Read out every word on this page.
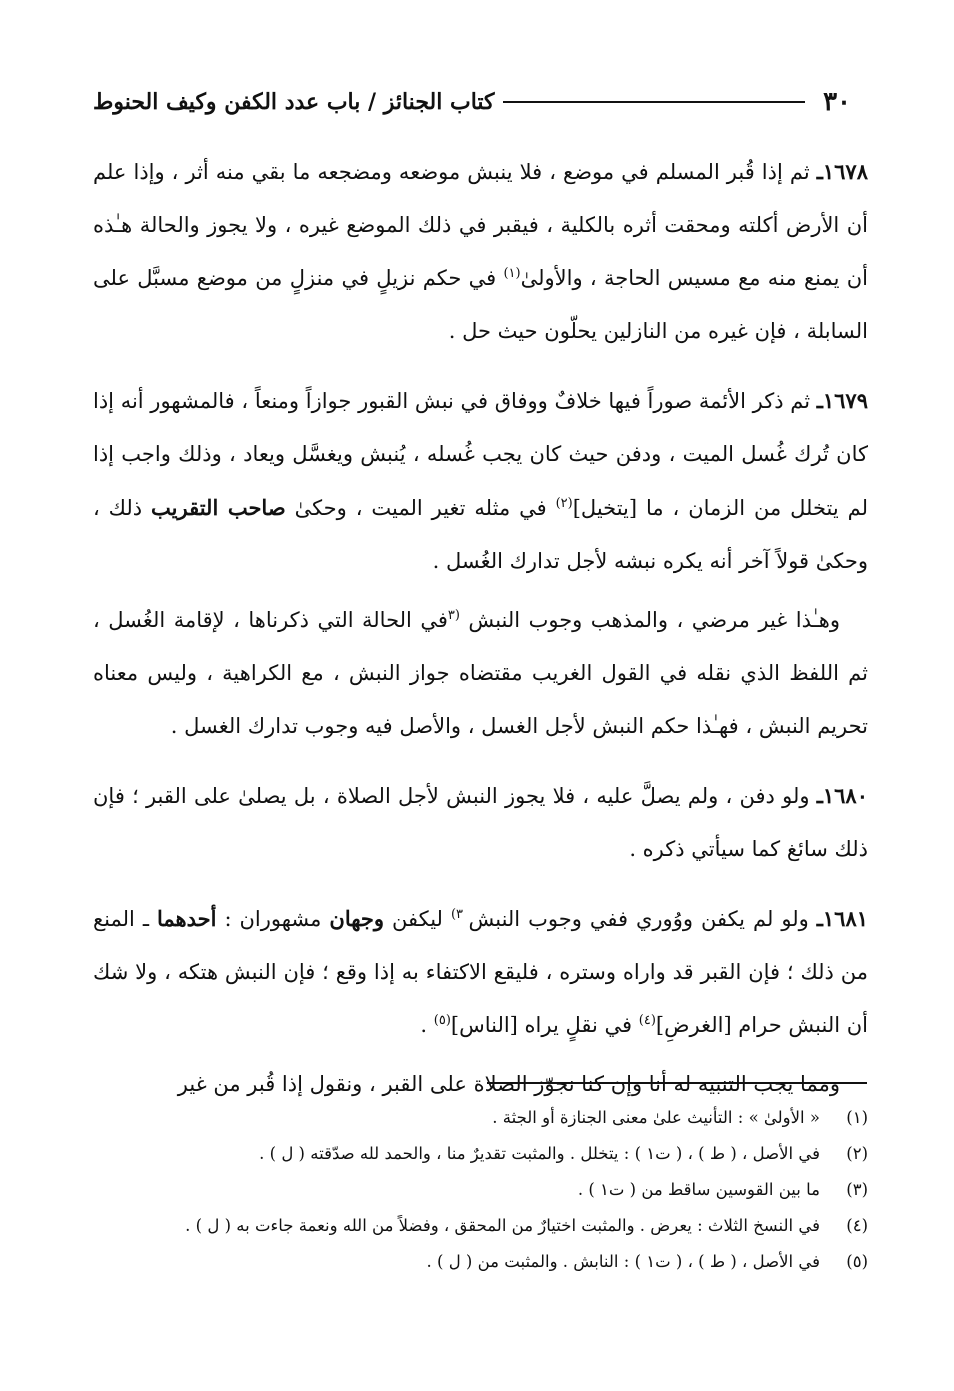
٣٠
كتاب الجنائز / باب عدد الكفن وكيف الحنوط

١٦٧٨ـ ثم إذا قُبر المسلم في موضع ، فلا ينبش موضعه ومضجعه ما بقي منه أثر ، وإذا علم أن الأرض أكلته ومحقت أثره بالكلية ، فيقبر في ذلك الموضع غيره ، ولا يجوز والحالة هـٰذه أن يمنع منه مع مسيس الحاجة ، والأولىٰ$^{(١)}$ في حكم نزيلٍ في منزلٍ من موضع مسبَّل على السابلة ، فإن غيره من النازلين يحلّون حيث حل .

١٦٧٩ـ ثم ذكر الأئمة صوراً فيها خلافٌ ووفاق في نبش القبور جوازاً ومنعاً ، فالمشهور أنه إذا كان تُرك غُسل الميت ، ودفن حيث كان يجب غُسله ، يُنبش ويغسَّل ويعاد ، وذلك واجب إذا لم يتخلل من الزمان ، ما [يتخيل]$^{(٢)}$ في مثله تغير الميت ، وحكىٰ صاحب التقريب ذلك ، وحكىٰ قولاً آخر أنه يكره نبشه لأجل تدارك الغُسل .

وهـٰذا غير مرضي ، والمذهب وجوب النبش $^{(٣}$في الحالة التي ذكرناها ، لإقامة الغُسل ، ثم اللفظ الذي نقله في القول الغريب مقتضاه جواز النبش ، مع الكراهية ، وليس معناه تحريم النبش ، فهـٰذا حكم النبش لأجل الغسل ، والأصل فيه وجوب تدارك الغسل .

١٦٨٠ـ ولو دفن ، ولم يصلَّ عليه ، فلا يجوز النبش لأجل الصلاة ، بل يصلىٰ على القبر ؛ فإن ذلك سائغ كما سيأتي ذكره .

١٦٨١ـ ولو لم يكفن ووُوري ففي وجوب النبش $^{٣)}$ ليكفن وجهان مشهوران : أحدهما ـ المنع من ذلك ؛ فإن القبر قد واراه وستره ، فليقع الاكتفاء به إذا وقع ؛ فإن النبش هتكه ، ولا شك أن النبش حرام [الغرضِ]$^{(٤)}$ في نقلٍ يراه [الناس]$^{(٥)}$ .

ومما يجب التنبيه له أنا وإن كنا نجوّز الصلاة على القبر ، ونقول إذا قُبر من غير

(١)
« الأولىٰ » : التأنيث علىٰ معنى الجنازة أو الجثة .
(٢)
في الأصل ، ( ط ) ، ( ت١ ) : يتخلل . والمثبت تقديرٌ منا ، والحمد لله صدّقته ( ل ) .
(٣)
ما بين القوسين ساقط من ( ت١ ) .
(٤)
في النسخ الثلاث : يعرض . والمثبت اختيارٌ من المحقق ، وفضلاً من الله ونعمة جاءت به ( ل ) .
(٥)
في الأصل ، ( ط ) ، ( ت١ ) : النابش . والمثبت من ( ل ) .
